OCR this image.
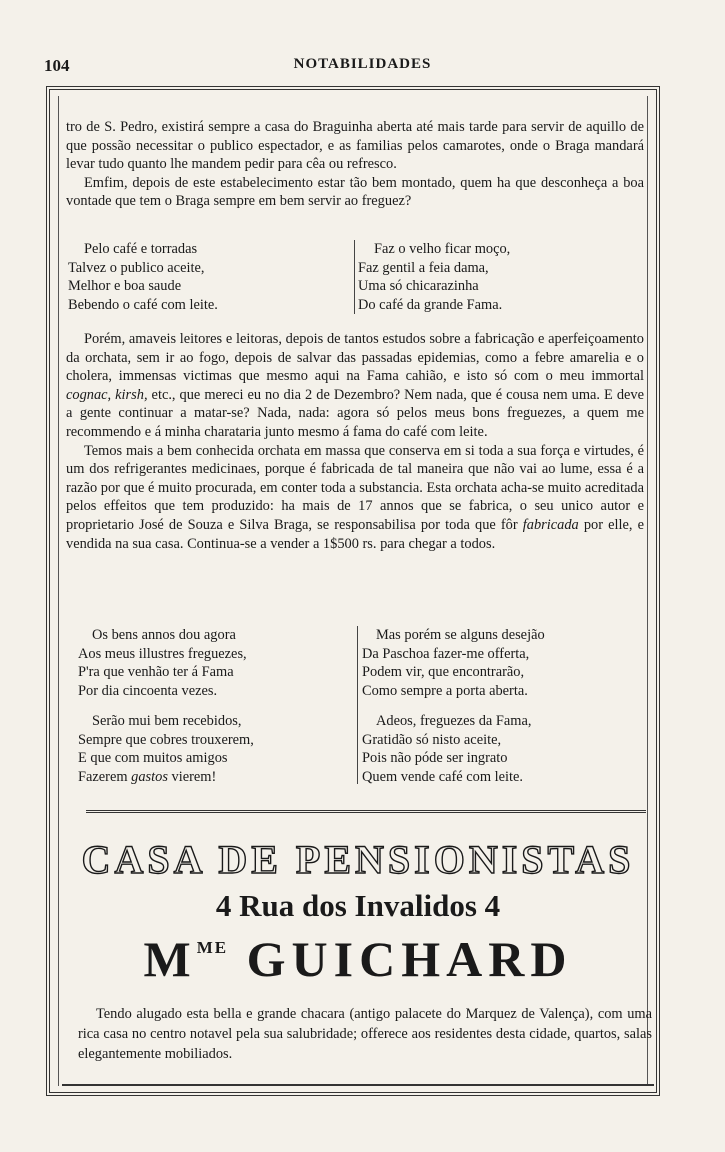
104	NOTABILIDADES

tro de S. Pedro, existirá sempre a casa do Braguinha aberta até mais tarde para servir de aquillo de que possão necessitar o publico espectador, e as familias pelos camarotes, onde o Braga mandará levar tudo quanto lhe mandem pedir para cêa ou refresco.

Emfim, depois de este estabelecimento estar tão bem montado, quem ha que desconheça a boa vontade que tem o Braga sempre em bem servir ao freguez?

Pelo café e torradas
Talvez o publico aceite,
Melhor e boa saude
Bebendo o café com leite.
Faz o velho ficar moço,
Faz gentil a feia dama,
Uma só chicarazinha
Do café da grande Fama.

Porém, amaveis leitores e leitoras, depois de tantos estudos sobre a fabricação e aperfeiçoamento da orchata, sem ir ao fogo, depois de salvar das passadas epidemias, como a febre amarelia e o cholera, immensas victimas que mesmo aqui na Fama cahião, e isto só com o meu immortal cognac, kirsh, etc., que mereci eu no dia 2 de Dezembro? Nem nada, que é cousa nem uma. E deve a gente continuar a matar-se? Nada, nada: agora só pelos meus bons freguezes, a quem me recommendo e á minha charataria junto mesmo á fama do café com leite.

Temos mais a bem conhecida orchata em massa que conserva em si toda a sua força e virtudes, é um dos refrigerantes medicinaes, porque é fabricada de tal maneira que não vai ao lume, essa é a razão por que é muito procurada, em conter toda a substancia. Esta orchata acha-se muito acreditada pelos effeitos que tem produzido: ha mais de 17 annos que se fabrica, o seu unico autor e proprietario José de Souza e Silva Braga, se responsabilisa por toda que fôr fabricada por elle, e vendida na sua casa. Continua-se a vender a 1$500 rs. para chegar a todos.

Os bens annos dou agora
Aos meus illustres freguezes,
P'ra que venhão ter á Fama
Por dia cincoenta vezes.
Mas porém se alguns desejão
Da Paschoa fazer-me offerta,
Podem vir, que encontrarão,
Como sempre a porta aberta.
Serão mui bem recebidos,
Sempre que cobres trouxerem,
E que com muitos amigos
Fazerem gastos vierem!
Adeos, freguezes da Fama,
Gratidão só nisto aceite,
Pois não póde ser ingrato
Quem vende café com leite.
CASA DE PENSIONISTAS
4 Rua dos Invalidos 4
$M^{ME}$ GUICHARD

Tendo alugado esta bella e grande chacara (antigo palacete do Marquez de Valença), com uma rica casa no centro notavel pela sua salubridade; offerece aos residentes desta cidade, quartos, salas elegantemente mobiliados.
